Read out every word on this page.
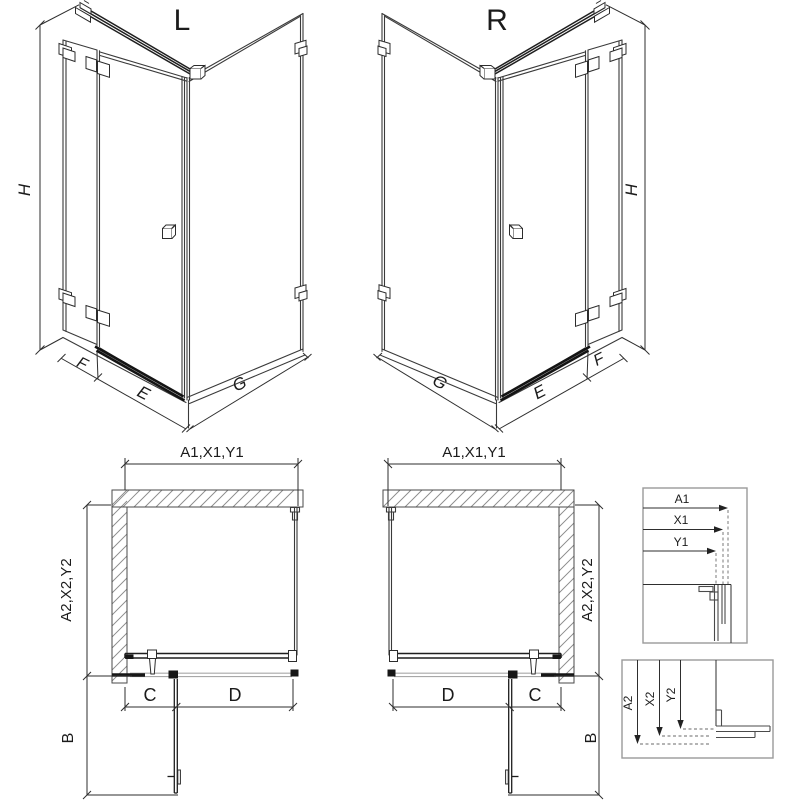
L
H
F
E	G
R
H
G	E
F
A1,X1,Y1
A2,X2,Y2
C	D
B
A1,X1,Y1
A2,X2,Y2
D	C
B
A1
X1
Y1
A2 X2 Y2
